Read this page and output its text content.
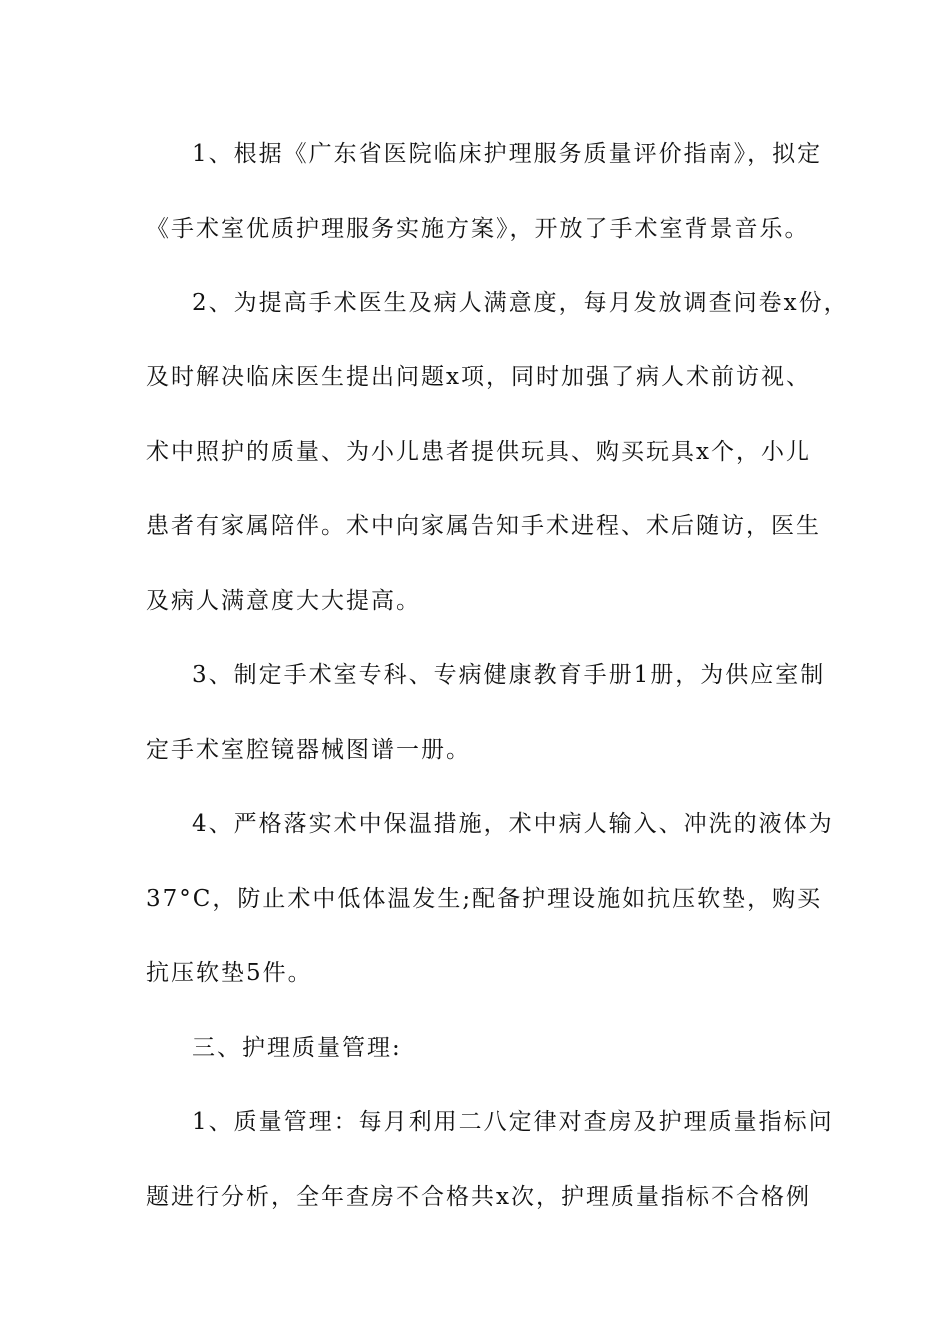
1、根据《广东省医院临床护理服务质量评价指南》，拟定
《手术室优质护理服务实施方案》，开放了手术室背景音乐。
2、为提高手术医生及病人满意度，每月发放调查问卷x份，
及时解决临床医生提出问题x项，同时加强了病人术前访视、
术中照护的质量、为小儿患者提供玩具、购买玩具x个，小儿
患者有家属陪伴。术中向家属告知手术进程、术后随访，医生
及病人满意度大大提高。
3、制定手术室专科、专病健康教育手册1册，为供应室制
定手术室腔镜器械图谱一册。
4、严格落实术中保温措施，术中病人输入、冲洗的液体为
37°C，防止术中低体温发生;配备护理设施如抗压软垫，购买
抗压软垫5件。
三、护理质量管理:
1、质量管理：每月利用二八定律对查房及护理质量指标问
题进行分析，全年查房不合格共x次，护理质量指标不合格例
